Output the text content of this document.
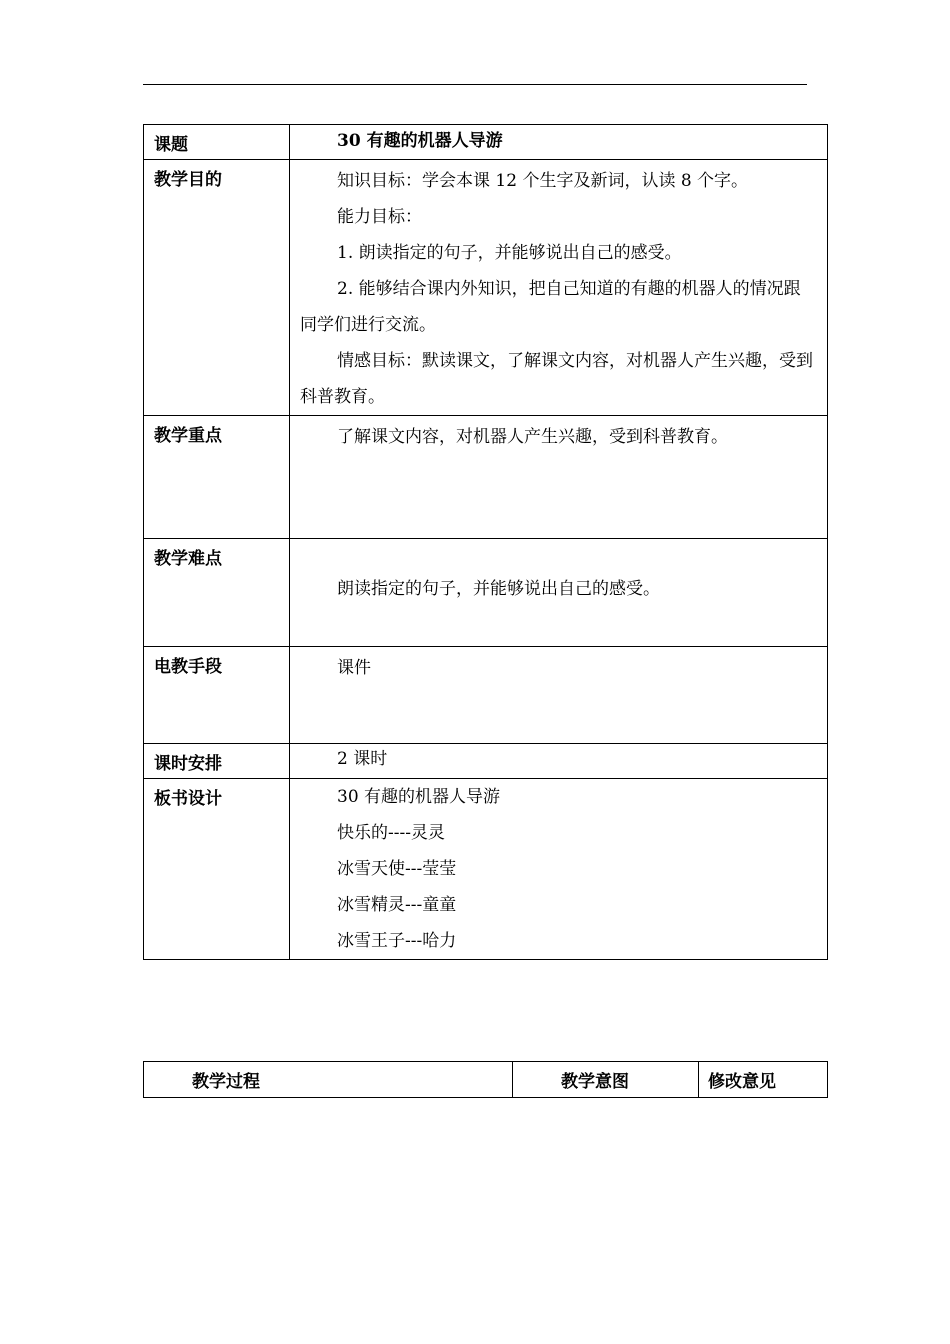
课题	30 有趣的机器人导游

教学目的	知识目标：学会本课 12 个生字及新词，认读 8 个字。
能力目标：
1. 朗读指定的句子，并能够说出自己的感受。
2. 能够结合课内外知识，把自己知道的有趣的机器人的情况跟同学们进行交流。
情感目标：默读课文，了解课文内容，对机器人产生兴趣，受到科普教育。

教学重点	了解课文内容，对机器人产生兴趣，受到科普教育。

教学难点	朗读指定的句子，并能够说出自己的感受。

电教手段	课件

课时安排	2 课时

板书设计	30 有趣的机器人导游
快乐的----灵灵
冰雪天使---莹莹
冰雪精灵---童童
冰雪王子---哈力
教学过程	教学意图	修改意见
